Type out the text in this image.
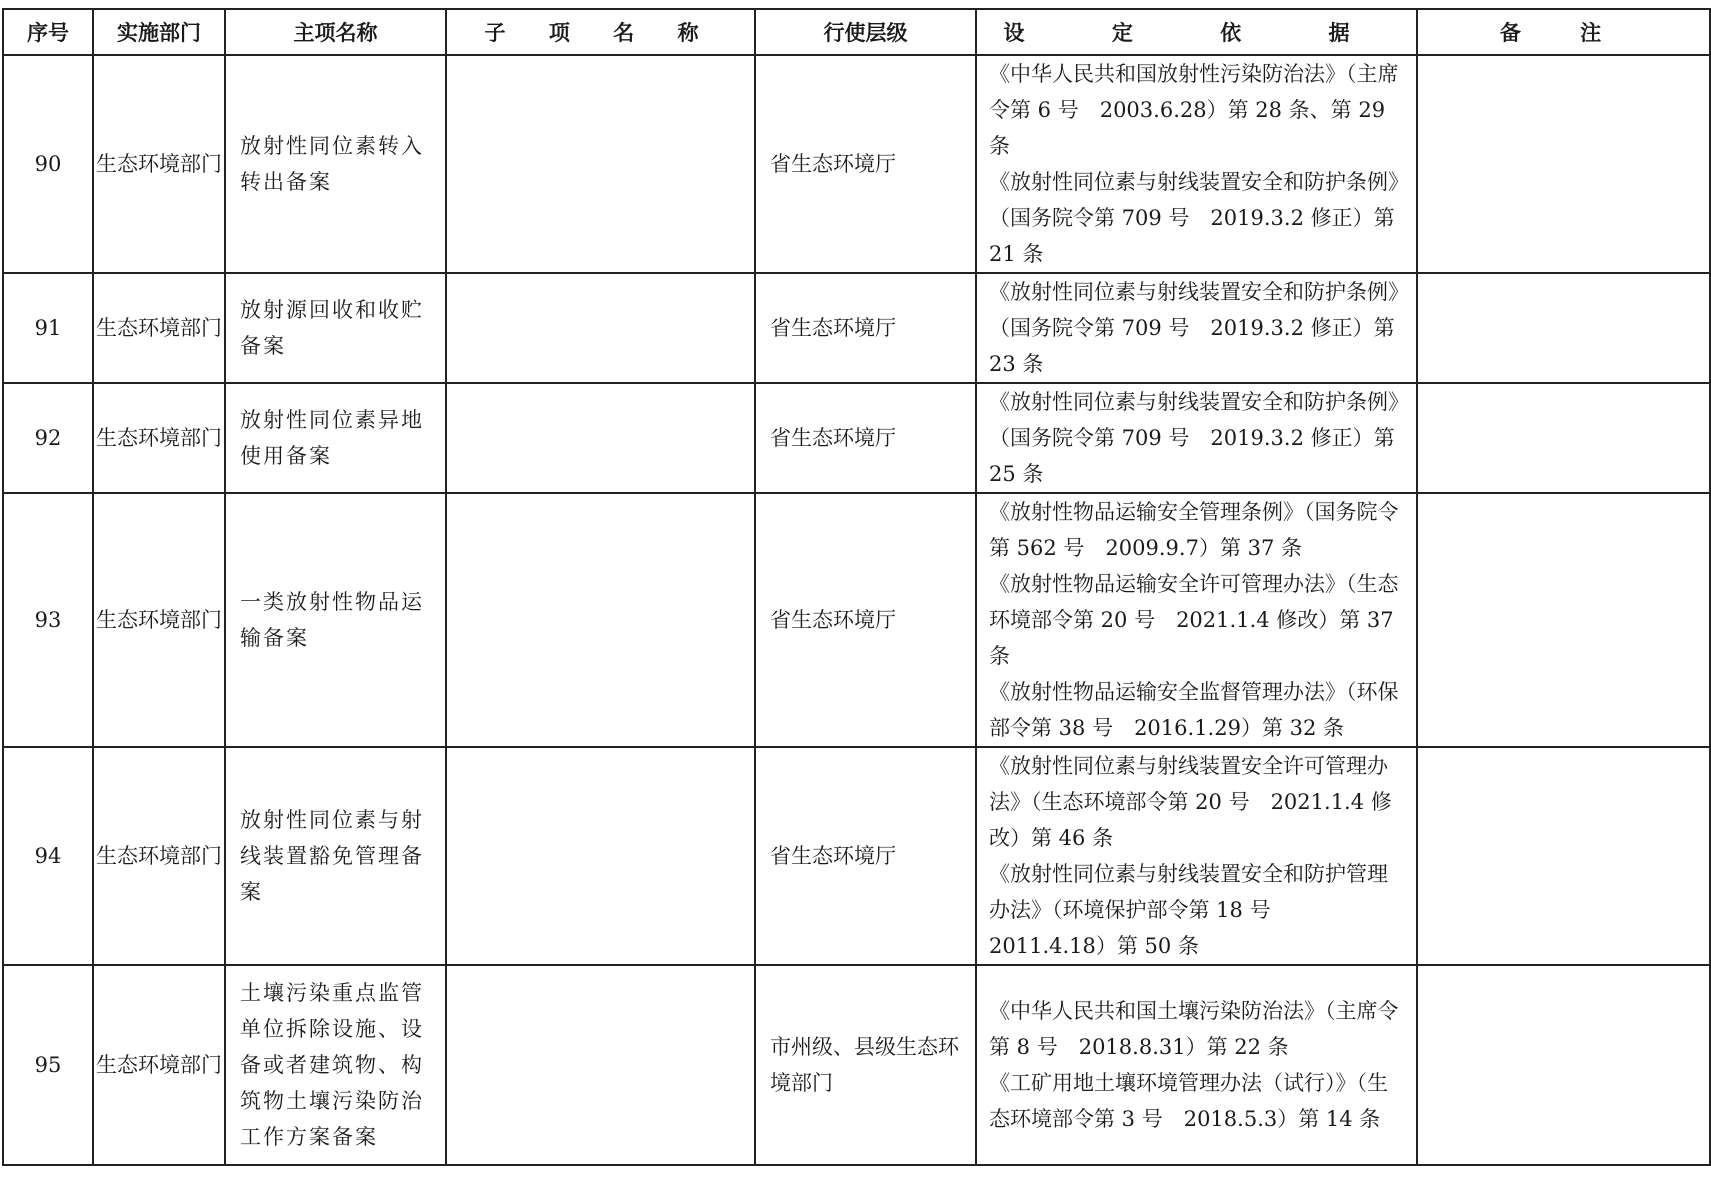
序号	实施部门	主项名称	子 项 名 称	行使层级	设 定 依 据	备 注
90	生态环境部门	放射性同位素转入转出备案		省生态环境厅	《中华人民共和国放射性污染防治法》（主席令第 6 号　2003.6.28）第 28 条、第 29 条
《放射性同位素与射线装置安全和防护条例》（国务院令第 709 号　2019.3.2 修正）第 21 条	

91	生态环境部门	放射源回收和收贮备案		省生态环境厅	《放射性同位素与射线装置安全和防护条例》（国务院令第 709 号　2019.3.2 修正）第 23 条	

92	生态环境部门	放射性同位素异地使用备案		省生态环境厅	《放射性同位素与射线装置安全和防护条例》（国务院令第 709 号　2019.3.2 修正）第 25 条	

93	生态环境部门	一类放射性物品运输备案		省生态环境厅	《放射性物品运输安全管理条例》（国务院令第 562 号　2009.9.7）第 37 条
《放射性物品运输安全许可管理办法》（生态环境部令第 20 号　2021.1.4 修改）第 37 条
《放射性物品运输安全监督管理办法》（环保部令第 38 号　2016.1.29）第 32 条	

94	生态环境部门	放射性同位素与射线装置豁免管理备案		省生态环境厅	《放射性同位素与射线装置安全许可管理办法》（生态环境部令第 20 号　2021.1.4 修改）第 46 条
《放射性同位素与射线装置安全和防护管理办法》（环境保护部令第 18 号　2011.4.18）第 50 条	

95	生态环境部门	土壤污染重点监管单位拆除设施、设备或者建筑物、构筑物土壤污染防治工作方案备案		市州级、县级生态环境部门	《中华人民共和国土壤污染防治法》（主席令第 8 号　2018.8.31）第 22 条
《工矿用地土壤环境管理办法（试行）》（生态环境部令第 3 号　2018.5.3）第 14 条	
